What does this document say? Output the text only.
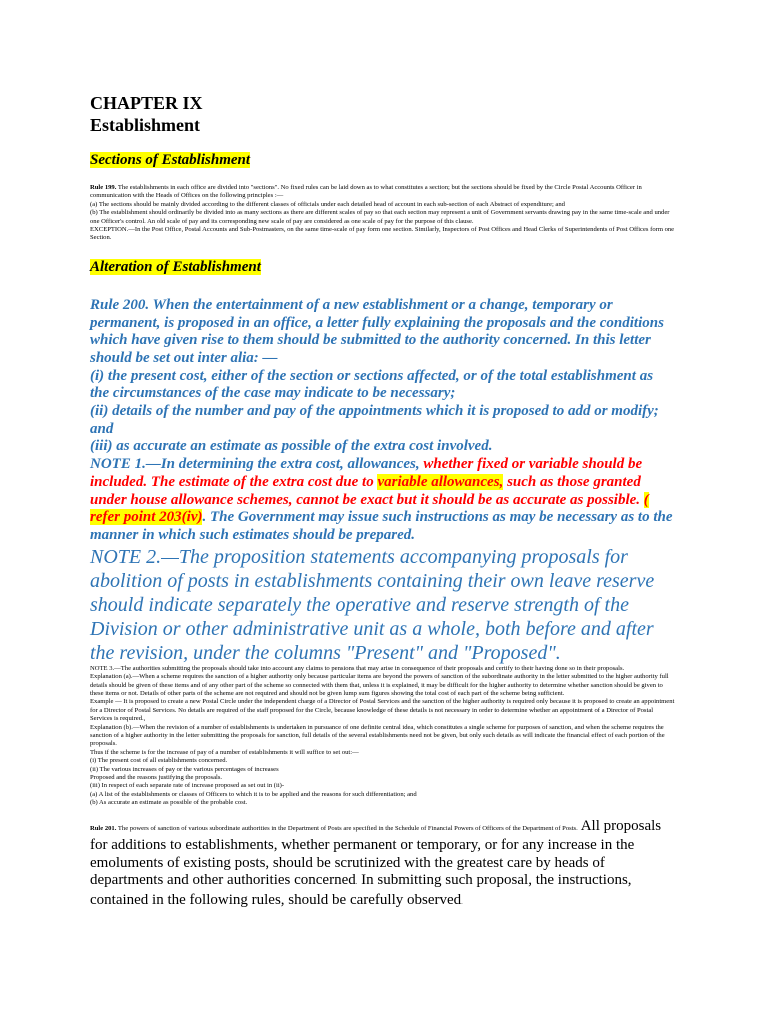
CHAPTER IX

Establishment

Sections of Establishment

Rule 199. The establishments in each office are divided into "sections". No fixed rules can be laid down as to what constitutes a section; but the sections should be fixed by the Circle Postal Accounts Officer in communication with the Heads of Offices on the following principles :—

(a) The sections should be mainly divided according to the different classes of officials under each detailed head of account in each sub-section of each Abstract of expenditure; and

(b) The establishment should ordinarily be divided into as many sections as there are different scales of pay so that each section may represent a unit of Government servants drawing pay in the same time-scale and under one Officer's control. An old scale of pay and its corresponding new scale of pay are considered as one scale of pay for the purpose of this clause.

EXCEPTION.—In the Post Office, Postal Accounts and Sub-Postmasters, on the same time-scale of pay form one section. Similarly, Inspectors of Post Offices and Head Clerks of Superintendents of Post Offices form one Section.

Alteration of Establishment

Rule 200. When the entertainment of a new establishment or a change, temporary or permanent, is proposed in an office, a letter fully explaining the proposals and the conditions which have given rise to them should be submitted to the authority concerned. In this letter should be set out inter alia: —

(i) the present cost, either of the section or sections affected, or of the total establishment as the circumstances of the case may indicate to be necessary;

(ii) details of the number and pay of the appointments which it is proposed to add or modify; and

(iii) as accurate an estimate as possible of the extra cost involved.

NOTE 1.—In determining the extra cost, allowances, whether fixed or variable should be included. The estimate of the extra cost due to variable allowances, such as those granted under house allowance schemes, cannot be exact but it should be as accurate as possible. ( refer point 203(iv). The Government may issue such instructions as may be necessary as to the manner in which such estimates should be prepared.

NOTE 2.—The proposition statements accompanying proposals for abolition of posts in establishments containing their own leave reserve should indicate separately the operative and reserve strength of the Division or other administrative unit as a whole, both before and after the revision, under the columns "Present" and "Proposed".

NOTE 3.—The authorities submitting the proposals should take into account any claims to pensions that may arise in consequence of their proposals and certify to their having done so in their proposals.

Explanation (a).—When a scheme requires the sanction of a higher authority only because particular items are beyond the powers of sanction of the subordinate authority in the letter submitted to the higher authority full details should be given of these items and of any other part of the scheme so connected with them that, unless it is explained, it may be difficult for the higher authority to determine whether sanction should be given to these items or not. Details of other parts of the scheme are not required and should not be given lump sum figures showing the total cost of each part of the scheme being sufficient.

Example — It is proposed to create a new Postal Circle under the independent charge of a Director of Postal Services and the sanction of the higher authority is required only because it is proposed to create an appointment for a Director of Postal Services. No details are required of the staff proposed for the Circle, because knowledge of these details is not necessary in order to determine whether an appointment of a Director of Postal Services is required.,

Explanation (b).—When the revision of a number of establishments is undertaken in pursuance of one definite central idea, which constitutes a single scheme for purposes of sanction, and when the scheme requires the sanction of a higher authority in the letter submitting the proposals for sanction, full details of the several establishments need not be given, but only such details as will indicate the financial effect of each portion of the proposals.

Thus if the scheme is for the increase of pay of a number of establishments it will suffice to set out:—

(i) The present cost of all establishments concerned.

(ii) The various increases of pay or the various percentages of increases

Proposed and the reasons justifying the proposals.

(iii) In respect of each separate rate of increase proposed as set out in (ii)-

(a) A list of the establishments or classes of Officers to which it is to be applied and the reasons for such differentiation; and

(b) As accurate an estimate as possible of the probable cost.

Rule 201. The powers of sanction of various subordinate authorities in the Department of Posts are specified in the Schedule of Financial Powers of Officers of the Department of Posts. All proposals for additions to establishments, whether permanent or temporary, or for any increase in the emoluments of existing posts, should be scrutinized with the greatest care by heads of departments and other authorities concerned. In submitting such proposal, the instructions, contained in the following rules, should be carefully observed.
